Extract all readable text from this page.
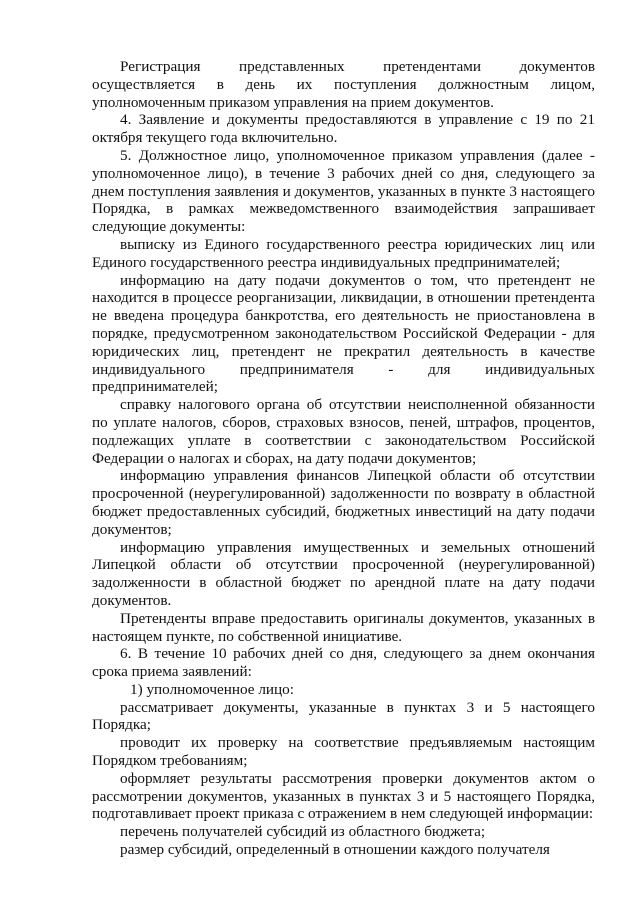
Регистрация представленных претендентами документов осуществляется в день их поступления должностным лицом, уполномоченным приказом управления на прием документов.

4. Заявление и документы предоставляются в управление с 19 по 21 октября текущего года включительно.

5. Должностное лицо, уполномоченное приказом управления (далее - уполномоченное лицо), в течение 3 рабочих дней со дня, следующего за днем поступления заявления и документов, указанных в пункте 3 настоящего Порядка, в рамках межведомственного взаимодействия запрашивает следующие документы:

выписку из Единого государственного реестра юридических лиц или Единого государственного реестра индивидуальных предпринимателей;

информацию на дату подачи документов о том, что претендент не находится в процессе реорганизации, ликвидации, в отношении претендента не введена процедура банкротства, его деятельность не приостановлена в порядке, предусмотренном законодательством Российской Федерации - для юридических лиц, претендент не прекратил деятельность в качестве индивидуального предпринимателя - для индивидуальных предпринимателей;

справку налогового органа об отсутствии неисполненной обязанности по уплате налогов, сборов, страховых взносов, пеней, штрафов, процентов, подлежащих уплате в соответствии с законодательством Российской Федерации о налогах и сборах, на дату подачи документов;

информацию управления финансов Липецкой области об отсутствии просроченной (неурегулированной) задолженности по возврату в областной бюджет предоставленных субсидий, бюджетных инвестиций на дату подачи документов;

информацию управления имущественных и земельных отношений Липецкой области об отсутствии просроченной (неурегулированной) задолженности в областной бюджет по арендной плате на дату подачи документов.

Претенденты вправе предоставить оригиналы документов, указанных в настоящем пункте, по собственной инициативе.

6. В течение 10 рабочих дней со дня, следующего за днем окончания срока приема заявлений:

1) уполномоченное лицо:

рассматривает документы, указанные в пунктах 3 и 5 настоящего Порядка;

проводит их проверку на соответствие предъявляемым настоящим Порядком требованиям;

оформляет результаты рассмотрения проверки документов актом о рассмотрении документов, указанных в пунктах 3 и 5 настоящего Порядка, подготавливает проект приказа с отражением в нем следующей информации:

перечень получателей субсидий из областного бюджета;

размер субсидий, определенный в отношении каждого получателя
